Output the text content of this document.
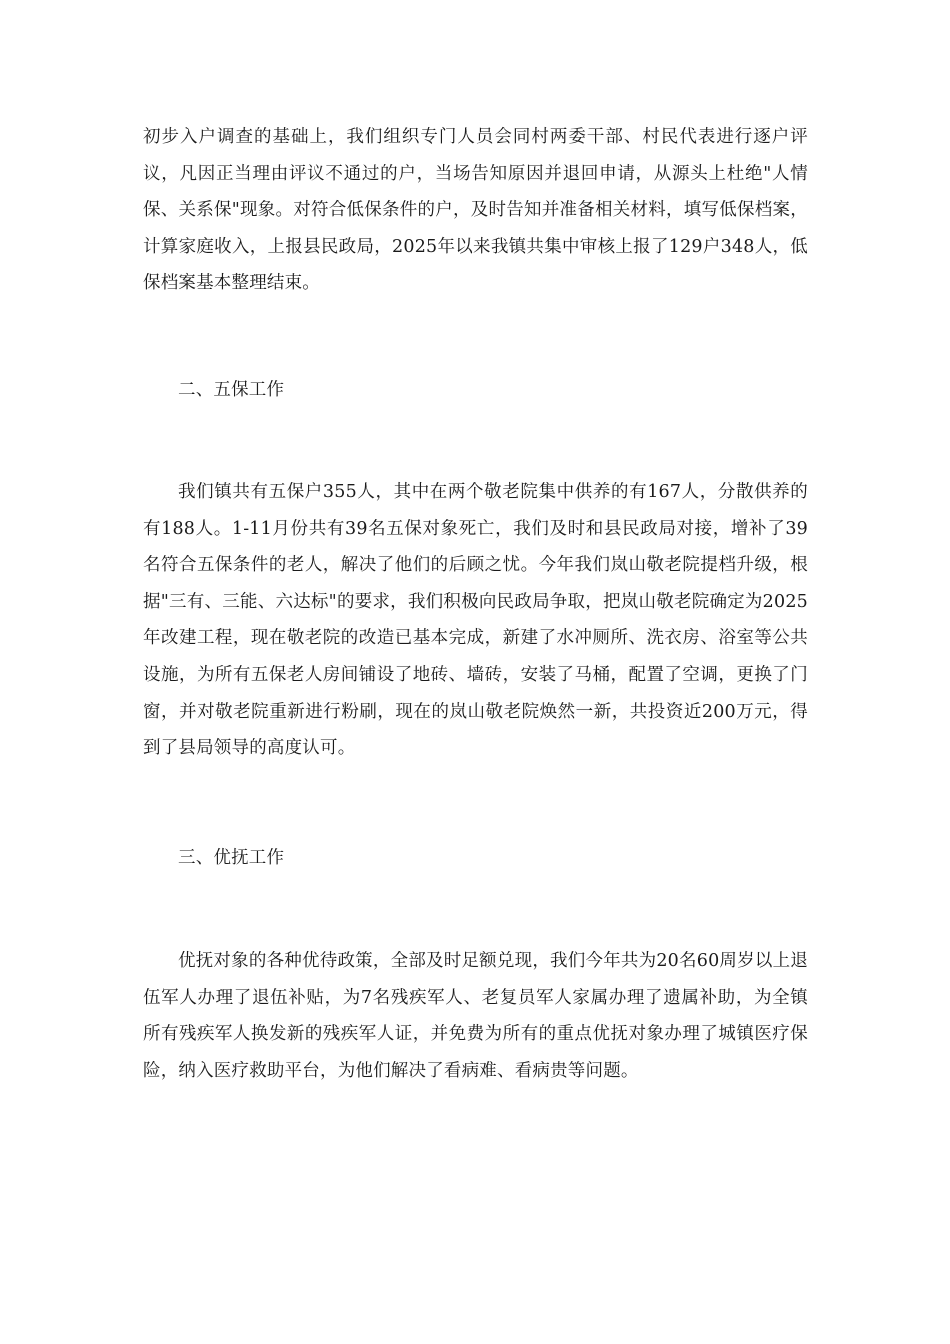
初步入户调查的基础上，我们组织专门人员会同村两委干部、村民代表进行逐户评议，凡因正当理由评议不通过的户，当场告知原因并退回申请，从源头上杜绝"人情保、关系保"现象。对符合低保条件的户，及时告知并准备相关材料，填写低保档案，计算家庭收入，上报县民政局，2025年以来我镇共集中审核上报了129户348人，低保档案基本整理结束。

二、五保工作

我们镇共有五保户355人，其中在两个敬老院集中供养的有167人，分散供养的有188人。1-11月份共有39名五保对象死亡，我们及时和县民政局对接，增补了39名符合五保条件的老人，解决了他们的后顾之忧。今年我们岚山敬老院提档升级，根据"三有、三能、六达标"的要求，我们积极向民政局争取，把岚山敬老院确定为2025年改建工程，现在敬老院的改造已基本完成，新建了水冲厕所、洗衣房、浴室等公共设施，为所有五保老人房间铺设了地砖、墙砖，安装了马桶，配置了空调，更换了门窗，并对敬老院重新进行粉刷，现在的岚山敬老院焕然一新，共投资近200万元，得到了县局领导的高度认可。

三、优抚工作

优抚对象的各种优待政策，全部及时足额兑现，我们今年共为20名60周岁以上退伍军人办理了退伍补贴，为7名残疾军人、老复员军人家属办理了遗属补助，为全镇所有残疾军人换发新的残疾军人证，并免费为所有的重点优抚对象办理了城镇医疗保险，纳入医疗救助平台，为他们解决了看病难、看病贵等问题。
